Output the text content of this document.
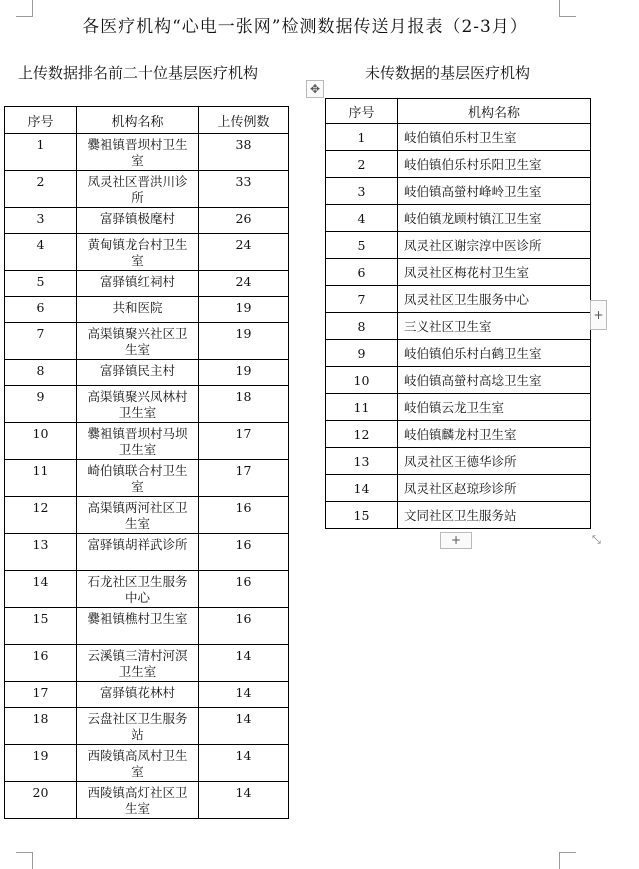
各医疗机构“心电一张网”检测数据传送月报表（2-3月）
上传数据排名前二十位基层医疗机构	未传数据的基层医疗机构
✥
序号	机构名称	上传例数
1	爨袓镇晋坝村卫生室	38
2	凤灵社区晋洪川诊所	33
3	富驿镇极麾村	26
4	黄甸镇龙台村卫生室	24
5	富驿镇红祠村	24
6	共和医院	19
7	高渠镇聚兴社区卫生室	19
8	富驿镇民主村	19
9	高渠镇聚兴凤林村卫生室	18
10	爨袓镇晋坝村马坝卫生室	17
11	崎伯镇联合村卫生室	17
12	高渠镇两河社区卫生室	16
13	富驿镇胡祥武诊所	16
14	石龙社区卫生服务中心	16
15	爨袓镇樵村卫生室	16
16	云溪镇三清村河溟卫生室	14
17	富驿镇花林村	14
18	云盘社区卫生服务站	14
19	西陵镇高凤村卫生室	14
20	西陵镇高灯社区卫生室	14
序号	机构名称
1	岐伯镇伯乐村卫生室
2	岐伯镇伯乐村乐阳卫生室
3	岐伯镇高螢村峰岭卫生室
4	岐伯镇龙顾村镇江卫生室
5	凤灵社区谢宗淳中医诊所
6	凤灵社区梅花村卫生室
7	凤灵社区卫生服务中心
8	三义社区卫生室
9	岐伯镇伯乐村白鹤卫生室
10	岐伯镇高螢村高埝卫生室
11	岐伯镇云龙卫生室
12	岐伯镇麟龙村卫生室
13	凤灵社区王德华诊所
14	凤灵社区赵琼珍诊所
15	文同社区卫生服务站
+
+	⤡
